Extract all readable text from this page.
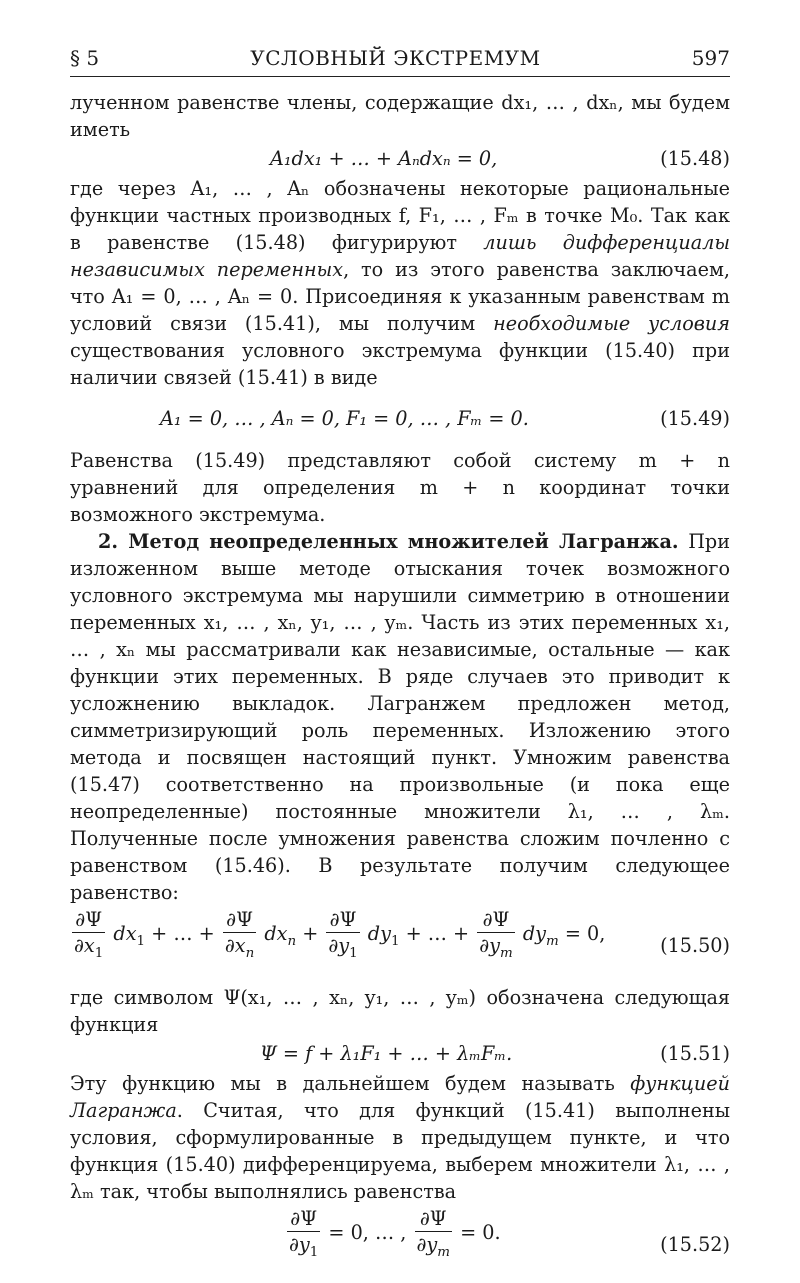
§ 5	УСЛОВНЫЙ ЭКСТРЕМУМ	597

лученном равенстве члены, содержащие dx₁, … , dxₙ, мы будем иметь

A₁dx₁ + … + Aₙdxₙ = 0,	(15.48)

где через A₁, … , Aₙ обозначены некоторые рациональные функции частных производных f, F₁, … , Fₘ в точке M₀. Так как в равенстве (15.48) фигурируют лишь дифференциалы независимых переменных, то из этого равенства заключаем, что A₁ = 0, … , Aₙ = 0. Присоединяя к указанным равенствам m условий связи (15.41), мы получим необходимые условия существования условного экстремума функции (15.40) при наличии связей (15.41) в виде

A₁ = 0, … , Aₙ = 0, F₁ = 0, … , Fₘ = 0.	(15.49)

Равенства (15.49) представляют собой систему m + n уравнений для определения m + n координат точки возможного экстремума.

2. Метод неопределенных множителей Лагранжа. При изложенном выше методе отыскания точек возможного условного экстремума мы нарушили симметрию в отношении переменных x₁, … , xₙ, y₁, … , yₘ. Часть из этих переменных x₁, … , xₙ мы рассматривали как независимые, остальные — как функции этих переменных. В ряде случаев это приводит к усложнению выкладок. Лагранжем предложен метод, симметризирующий роль переменных. Изложению этого метода и посвящен настоящий пункт. Умножим равенства (15.47) соответственно на произвольные (и пока еще неопределенные) постоянные множители λ₁, … , λₘ. Полученные после умножения равенства сложим почленно с равенством (15.46). В результате получим следующее равенство:

$\frac{\partial\Psi}{\partial x_1} dx_1$ + … + $\frac{\partial\Psi}{\partial x_n} dx_n + \frac{\partial\Psi}{\partial y_1} dy_1$ + … + $\frac{\partial\Psi}{\partial y_m} dy_m = 0$,
(15.50)

где символом Ψ(x₁, … , xₙ, y₁, … , yₘ) обозначена следующая функция

Ψ = f + λ₁F₁ + … + λₘFₘ.	(15.51)

Эту функцию мы в дальнейшем будем называть функцией Лагранжа. Считая, что для функций (15.41) выполнены условия, сформулированные в предыдущем пункте, и что функция (15.40) дифференцируема, выберем множители λ₁, … , λₘ так, чтобы выполнялись равенства

$\frac{\partial\Psi}{\partial y_1} = 0$, … , $\frac{\partial\Psi}{\partial y_m} = 0$.
(15.52)
